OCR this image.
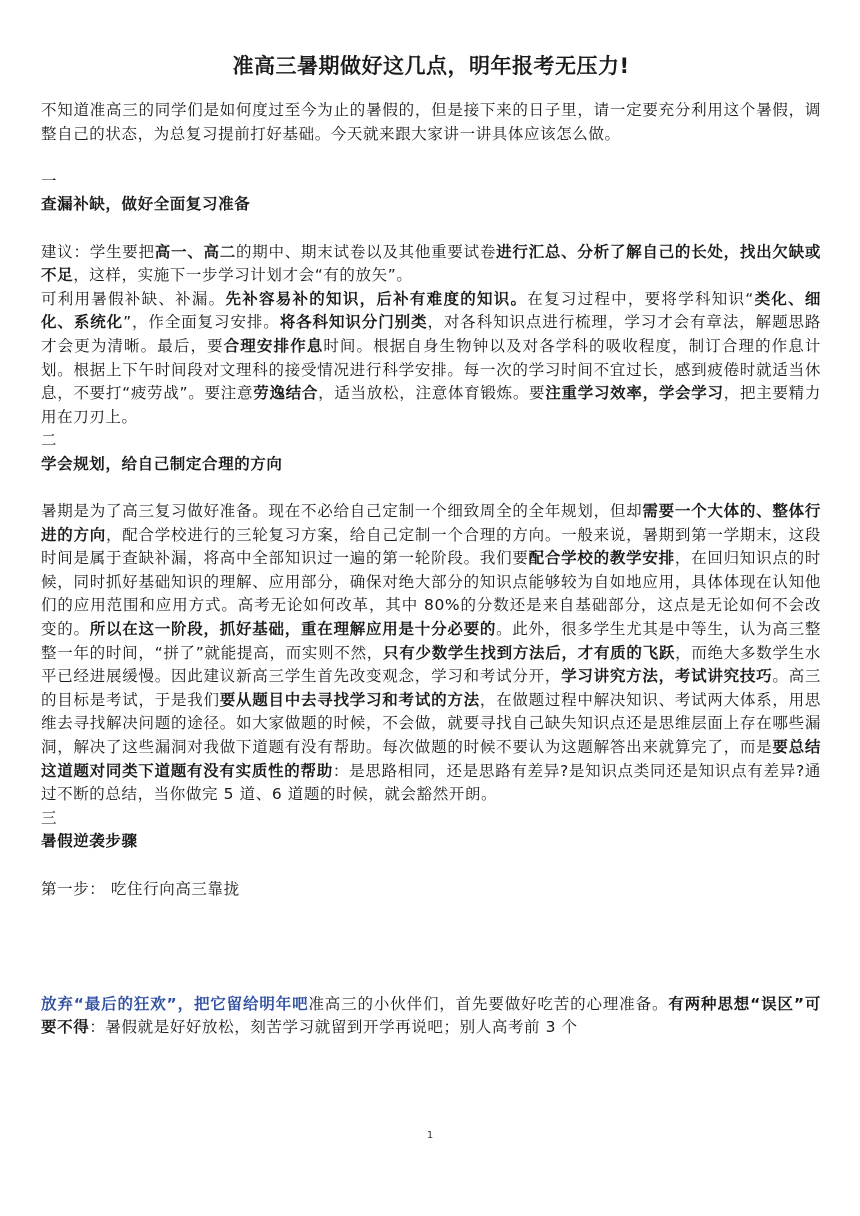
准高三暑期做好这几点，明年报考无压力!

不知道准高三的同学们是如何度过至今为止的暑假的，但是接下来的日子里，请一定要充分利用这个暑假，调整自己的状态，为总复习提前打好基础。今天就来跟大家讲一讲具体应该怎么做。

一
查漏补缺，做好全面复习准备

建议：学生要把高一、高二的期中、期末试卷以及其他重要试卷进行汇总、分析了解自己的长处，找出欠缺或不足，这样，实施下一步学习计划才会“有的放矢”。

可利用暑假补缺、补漏。先补容易补的知识，后补有难度的知识。在复习过程中，要将学科知识“类化、细化、系统化”，作全面复习安排。将各科知识分门别类，对各科知识点进行梳理，学习才会有章法，解题思路才会更为清晰。最后，要合理安排作息时间。根据自身生物钟以及对各学科的吸收程度，制订合理的作息计划。根据上下午时间段对文理科的接受情况进行科学安排。每一次的学习时间不宜过长，感到疲倦时就适当休息，不要打“疲劳战”。要注意劳逸结合，适当放松，注意体育锻炼。要注重学习效率，学会学习，把主要精力用在刀刃上。

二
学会规划，给自己制定合理的方向

暑期是为了高三复习做好准备。现在不必给自己定制一个细致周全的全年规划，但却需要一个大体的、整体行进的方向，配合学校进行的三轮复习方案，给自己定制一个合理的方向。一般来说，暑期到第一学期末，这段时间是属于查缺补漏，将高中全部知识过一遍的第一轮阶段。我们要配合学校的教学安排，在回归知识点的时候，同时抓好基础知识的理解、应用部分，确保对绝大部分的知识点能够较为自如地应用，具体体现在认知他们的应用范围和应用方式。高考无论如何改革，其中 80%的分数还是来自基础部分，这点是无论如何不会改变的。所以在这一阶段，抓好基础，重在理解应用是十分必要的。此外，很多学生尤其是中等生，认为高三整整一年的时间，“拼了”就能提高，而实则不然，只有少数学生找到方法后，才有质的飞跃，而绝大多数学生水平已经进展缓慢。因此建议新高三学生首先改变观念，学习和考试分开，学习讲究方法，考试讲究技巧。高三的目标是考试，于是我们要从题目中去寻找学习和考试的方法，在做题过程中解决知识、考试两大体系，用思维去寻找解决问题的途径。如大家做题的时候，不会做，就要寻找自己缺失知识点还是思维层面上存在哪些漏洞，解决了这些漏洞对我做下道题有没有帮助。每次做题的时候不要认为这题解答出来就算完了，而是要总结这道题对同类下道题有没有实质性的帮助：是思路相同，还是思路有差异?是知识点类同还是知识点有差异?通过不断的总结，当你做完 5 道、6 道题的时候，就会豁然开朗。

三
暑假逆袭步骤

第一步： 吃住行向高三靠拢

放弃“最后的狂欢”，把它留给明年吧准高三的小伙伴们，首先要做好吃苦的心理准备。有两种思想“误区”可要不得：暑假就是好好放松，刻苦学习就留到开学再说吧；别人高考前 3 个

1
